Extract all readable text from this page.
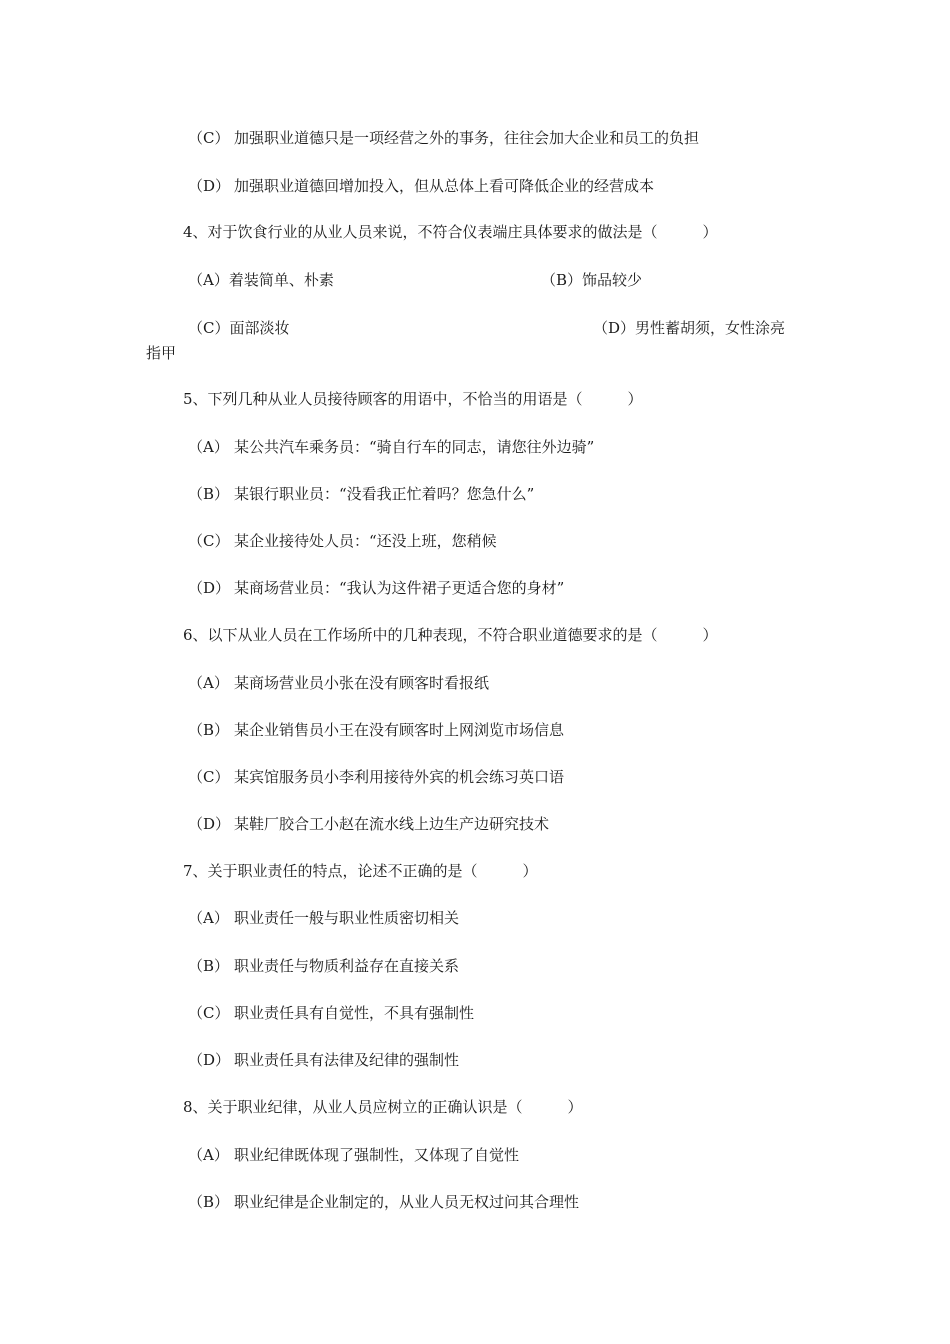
（C） 加强职业道德只是一项经营之外的事务，往往会加大企业和员工的负担
（D） 加强职业道德回增加投入，但从总体上看可降低企业的经营成本
4、对于饮食行业的从业人员来说，不符合仪表端庄具体要求的做法是（　　　）
（A）着装简单、朴素	（B）饰品较少
（C）面部淡妆	（D）男性蓄胡须，女性涂亮
指甲
5、下列几种从业人员接待顾客的用语中，不恰当的用语是（　　　）
（A） 某公共汽车乘务员：“骑自行车的同志，请您往外边骑”
（B） 某银行职业员：“没看我正忙着吗？您急什么”
（C） 某企业接待处人员：“还没上班，您稍候
（D） 某商场营业员：“我认为这件裙子更适合您的身材”
6、以下从业人员在工作场所中的几种表现，不符合职业道德要求的是（　　　）
（A） 某商场营业员小张在没有顾客时看报纸
（B） 某企业销售员小王在没有顾客时上网浏览市场信息
（C） 某宾馆服务员小李利用接待外宾的机会练习英口语
（D） 某鞋厂胶合工小赵在流水线上边生产边研究技术
7、关于职业责任的特点，论述不正确的是（　　　）
（A） 职业责任一般与职业性质密切相关
（B） 职业责任与物质利益存在直接关系
（C） 职业责任具有自觉性，不具有强制性
（D） 职业责任具有法律及纪律的强制性
8、关于职业纪律，从业人员应树立的正确认识是（　　　）
（A） 职业纪律既体现了强制性，又体现了自觉性
（B） 职业纪律是企业制定的，从业人员无权过问其合理性
